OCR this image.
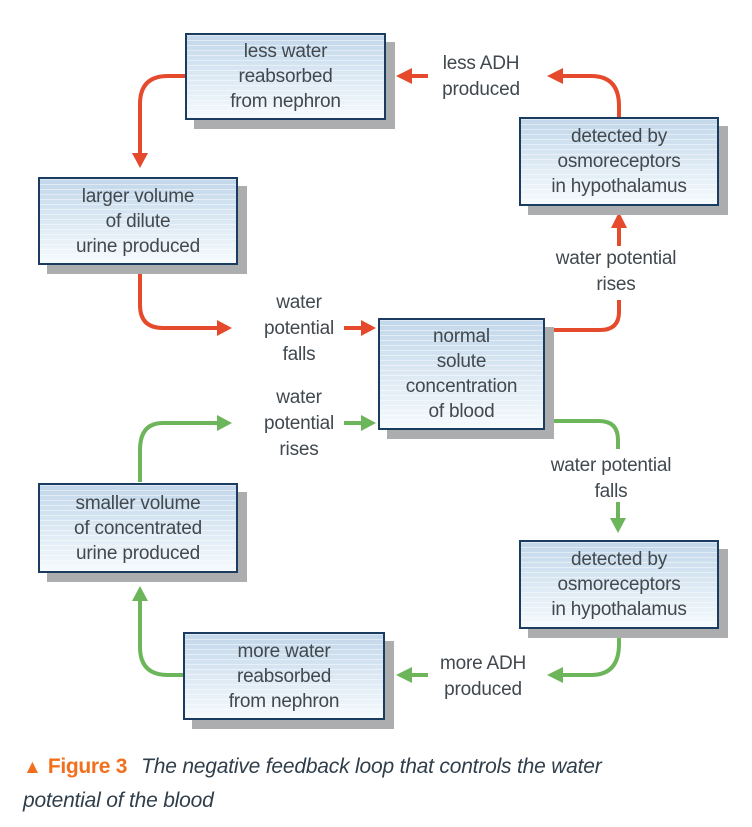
less water
reabsorbed
from nephron
larger volume
of dilute
urine produced
detected by
osmoreceptors
in hypothalamus
normal
solute
concentration
of blood
smaller volume
of concentrated
urine produced	detected by
osmoreceptors
in hypothalamus
more water
reabsorbed
from nephron
less ADH
produced
water potential
rises
water
potential
falls
water
potential
rises
water potential
falls
more ADH
produced
▲ Figure 3 The negative feedback loop that controls the water
potential of the blood
